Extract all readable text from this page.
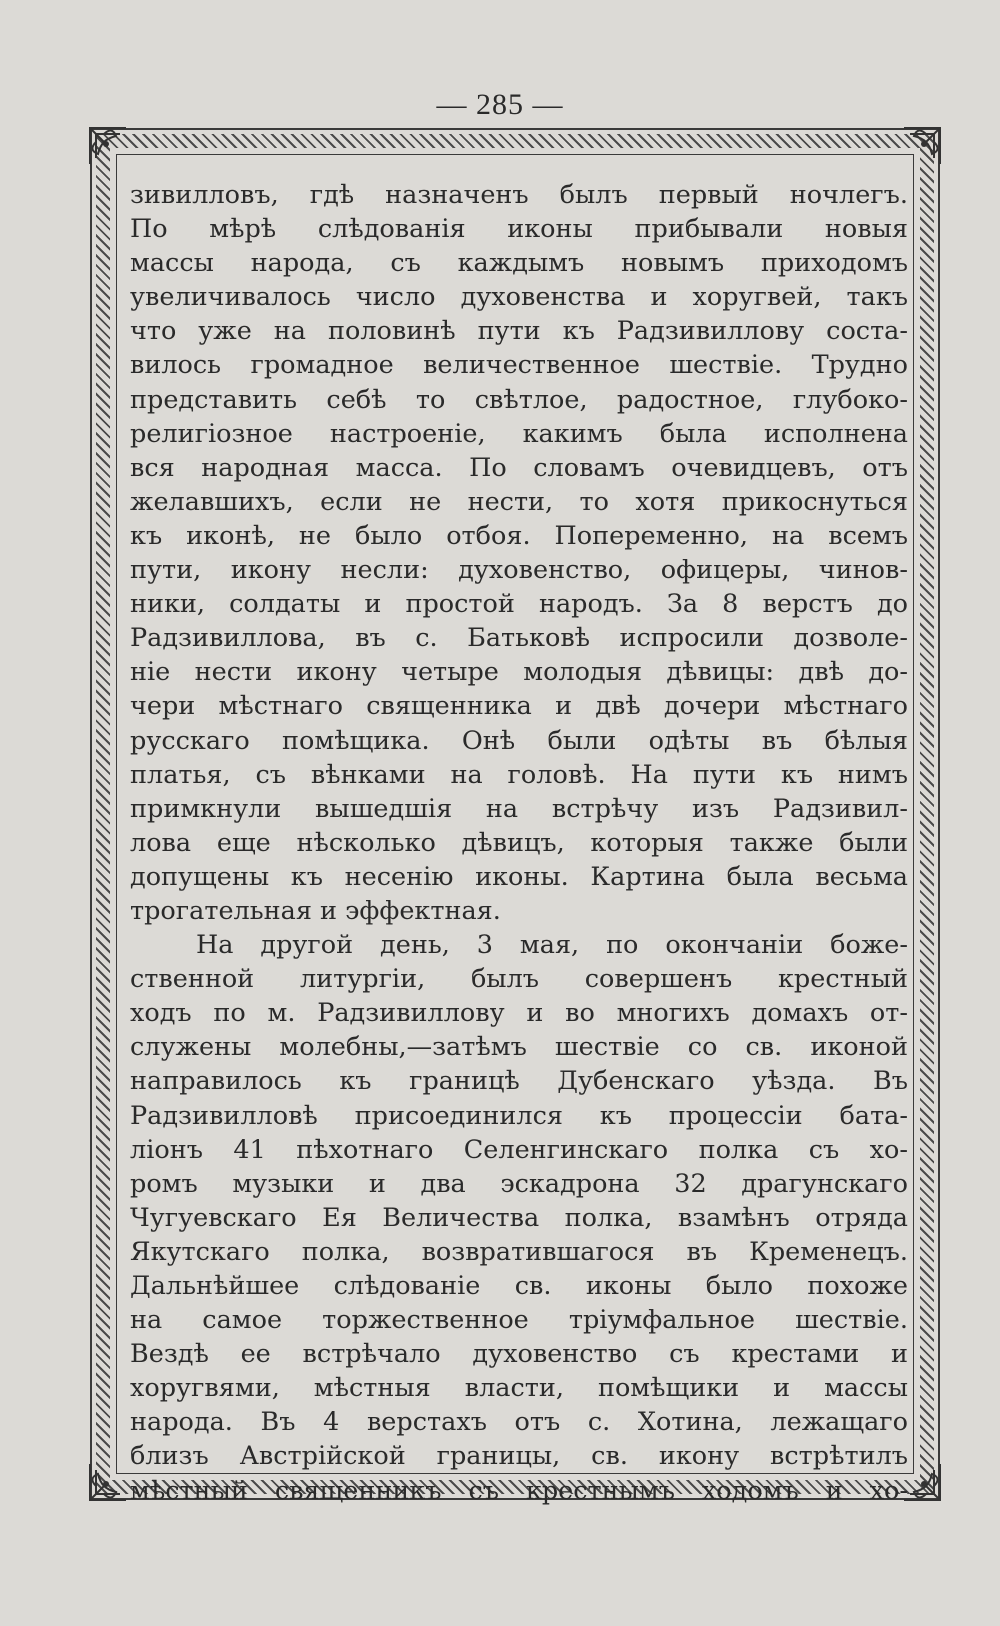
— 285 —
зивилловъ, гдѣ назначенъ былъ первый ночлегъ.
По мѣрѣ слѣдованія иконы прибывали новыя
массы народа, съ каждымъ новымъ приходомъ
увеличивалось число духовенства и хоругвей, такъ
что уже на половинѣ пути къ Радзивиллову соста-
вилось громадное величественное шествіе. Трудно
представить себѣ то свѣтлое, радостное, глубоко-
религіозное настроеніе, какимъ была исполнена
вся народная масса. По словамъ очевидцевъ, отъ
желавшихъ, если не нести, то хотя прикоснуться
къ иконѣ, не было отбоя. Попеременно, на всемъ
пути, икону несли: духовенство, офицеры, чинов-
ники, солдаты и простой народъ. За 8 верстъ до
Радзивиллова, въ с. Батьковѣ испросили дозволе-
ніе нести икону четыре молодыя дѣвицы: двѣ до-
чери мѣстнаго священника и двѣ дочери мѣстнаго
русскаго помѣщика. Онѣ были одѣты въ бѣлыя
платья, съ вѣнками на головѣ. На пути къ нимъ
примкнули вышедшія на встрѣчу изъ Радзивил-
лова еще нѣсколько дѣвицъ, которыя также были
допущены къ несенію иконы. Картина была весьма
трогательная и эффектная.
На другой день, 3 мая, по окончаніи боже-
ственной литургіи, былъ совершенъ крестный
ходъ по м. Радзивиллову и во многихъ домахъ от-
служены молебны,—затѣмъ шествіе со св. иконой
направилось къ границѣ Дубенскаго уѣзда. Въ
Радзивилловѣ присоединился къ процессіи бата-
ліонъ 41 пѣхотнаго Селенгинскаго полка съ хо-
ромъ музыки и два эскадрона 32 драгунскаго
Чугуевскаго Ея Величества полка, взамѣнъ отряда
Якутскаго полка, возвратившагося въ Кременецъ.
Дальнѣйшее слѣдованіе св. иконы было похоже
на самое торжественное тріумфальное шествіе.
Вездѣ ее встрѣчало духовенство съ крестами и
хоругвями, мѣстныя власти, помѣщики и массы
народа. Въ 4 верстахъ отъ с. Хотина, лежащаго
близъ Австрійской границы, св. икону встрѣтилъ
мѣстный священникъ съ крестнымъ ходомъ и хо-
